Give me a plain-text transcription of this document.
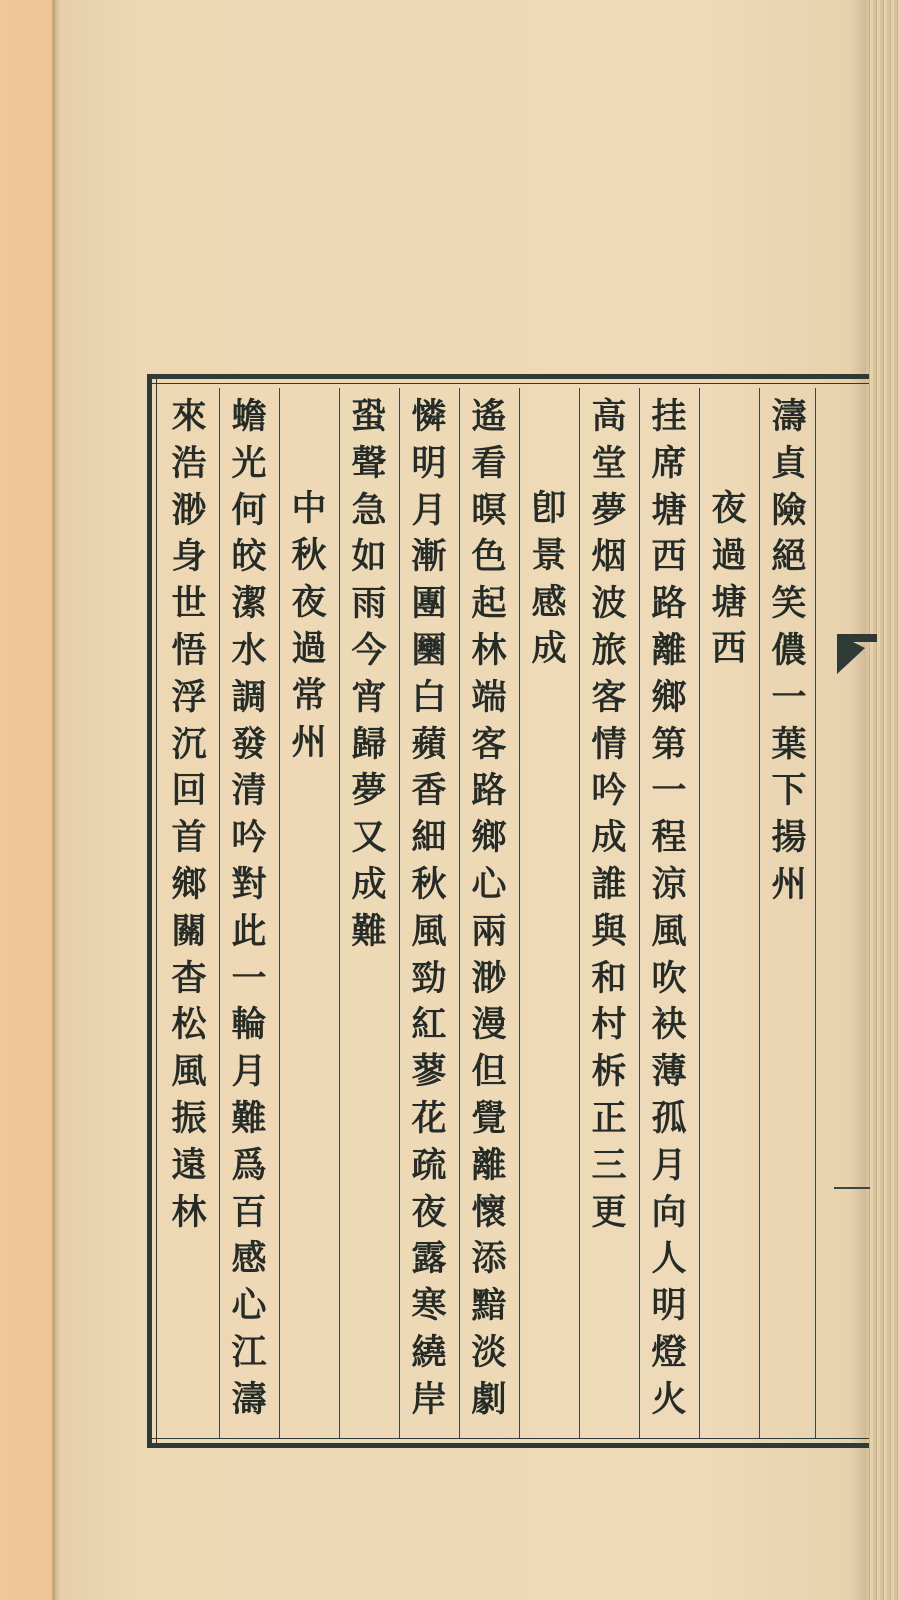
濤
貞
險
絕
笑
儂
一
葉
下
揚
州
夜
過
塘
西
挂
席
塘
西
路
離
鄉
第
一
程
涼
風
吹
袂
薄
孤
月
向
人
明
燈
火
高
堂
夢
烟
波
旅
客
情
吟
成
誰
與
和
村
柝
正
三
更
卽
景
感
成
遙
看
暝
色
起
林
端
客
路
鄉
心
兩
渺
漫
但
覺
離
懷
添
黯
淡
劇
憐
明
月
漸
團
圞
白
蘋
香
細
秋
風
勁
紅
蓼
花
疏
夜
露
寒
繞
岸
蛩
聲
急
如
雨
今
宵
歸
夢
又
成
難
中
秋
夜
過
常
州
蟾
光
何
皎
潔
水
調
發
清
吟
對
此
一
輪
月
難
爲
百
感
心
江
濤
來
浩
渺
身
世
悟
浮
沉
回
首
鄉
關
杳
松
風
振
遠
林
